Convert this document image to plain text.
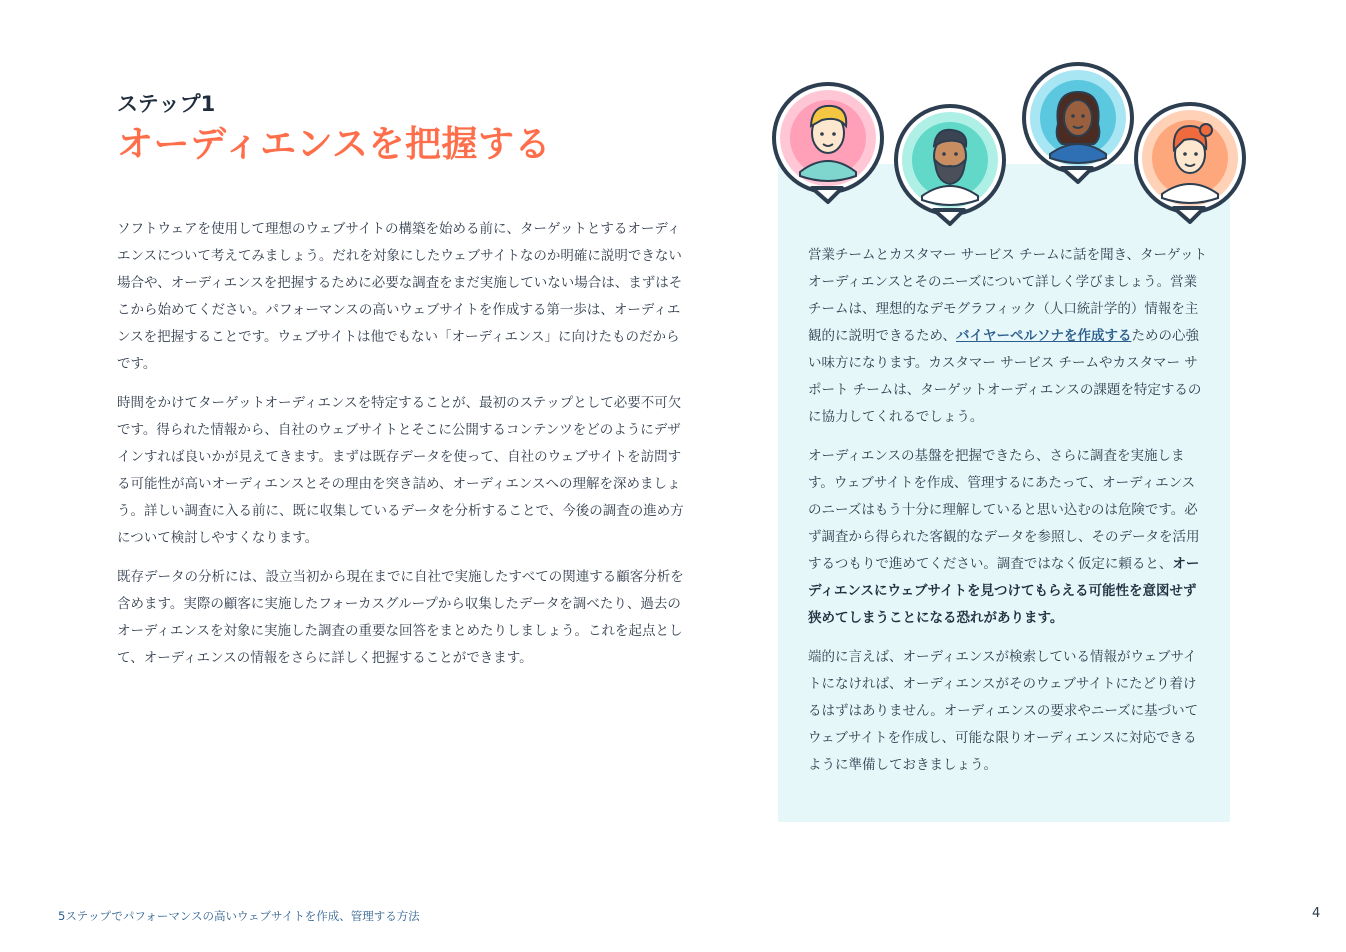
ステップ1
オーディエンスを把握する

ソフトウェアを使用して理想のウェブサイトの構築を始める前に、ターゲットとするオーディエンスについて考えてみましょう。だれを対象にしたウェブサイトなのか明確に説明できない場合や、オーディエンスを把握するために必要な調査をまだ実施していない場合は、まずはそこから始めてください。パフォーマンスの高いウェブサイトを作成する第一歩は、オーディエンスを把握することです。ウェブサイトは他でもない「オーディエンス」に向けたものだからです。

時間をかけてターゲットオーディエンスを特定することが、最初のステップとして必要不可欠です。得られた情報から、自社のウェブサイトとそこに公開するコンテンツをどのようにデザインすれば良いかが見えてきます。まずは既存データを使って、自社のウェブサイトを訪問する可能性が高いオーディエンスとその理由を突き詰め、オーディエンスへの理解を深めましょう。詳しい調査に入る前に、既に収集しているデータを分析することで、今後の調査の進め方について検討しやすくなります。

既存データの分析には、設立当初から現在までに自社で実施したすべての関連する顧客分析を含めます。実際の顧客に実施したフォーカスグループから収集したデータを調べたり、過去のオーディエンスを対象に実施した調査の重要な回答をまとめたりしましょう。これを起点として、オーディエンスの情報をさらに詳しく把握することができます。

営業チームとカスタマー サービス チームに話を聞き、ターゲットオーディエンスとそのニーズについて詳しく学びましょう。営業チームは、理想的なデモグラフィック（人口統計学的）情報を主観的に説明できるため、バイヤーペルソナを作成するための心強い味方になります。カスタマー サービス チームやカスタマー サポート チームは、ターゲットオーディエンスの課題を特定するのに協力してくれるでしょう。

オーディエンスの基盤を把握できたら、さらに調査を実施します。ウェブサイトを作成、管理するにあたって、オーディエンスのニーズはもう十分に理解していると思い込むのは危険です。必ず調査から得られた客観的なデータを参照し、そのデータを活用するつもりで進めてください。調査ではなく仮定に頼ると、オーディエンスにウェブサイトを見つけてもらえる可能性を意図せず狭めてしまうことになる恐れがあります。

端的に言えば、オーディエンスが検索している情報がウェブサイトになければ、オーディエンスがそのウェブサイトにたどり着けるはずはありません。オーディエンスの要求やニーズに基づいてウェブサイトを作成し、可能な限りオーディエンスに対応できるように準備しておきましょう。

5ステップでパフォーマンスの高いウェブサイトを作成、管理する方法	4
